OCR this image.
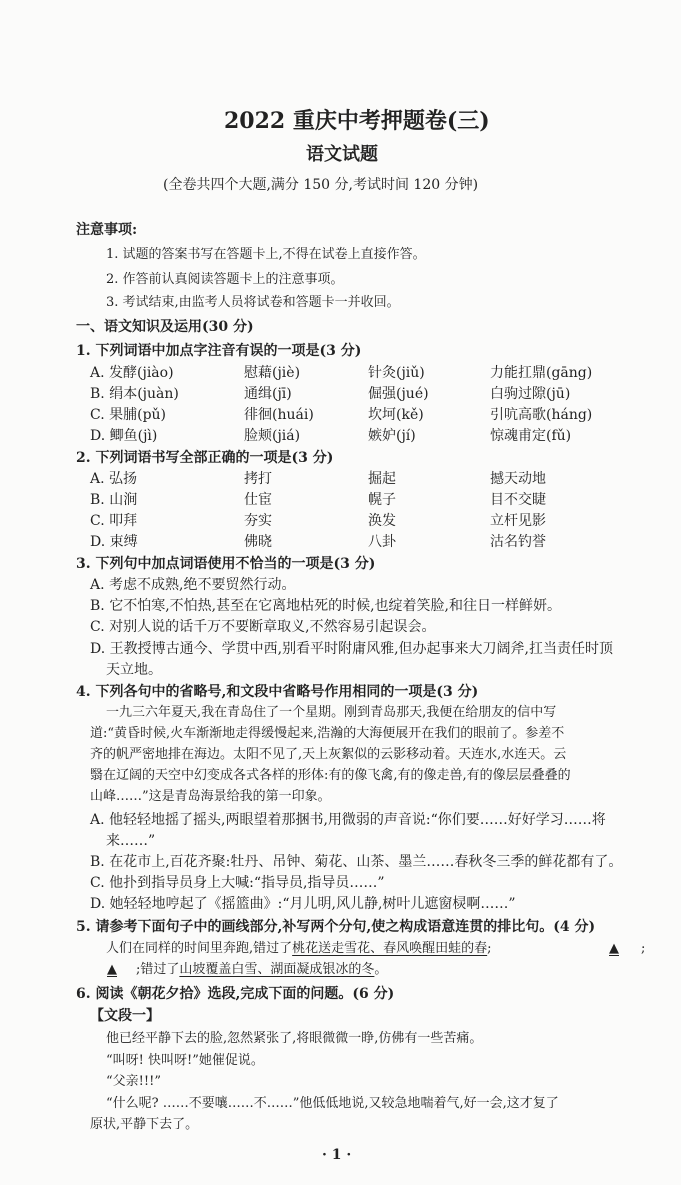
2022 重庆中考押题卷(三)
语文试题
(全卷共四个大题,满分 150 分,考试时间 120 分钟)
注意事项:
1. 试题的答案书写在答题卡上,不得在试卷上直接作答。
2. 作答前认真阅读答题卡上的注意事项。
3. 考试结束,由监考人员将试卷和答题卡一并收回。
一、语文知识及运用(30 分)
1. 下列词语中加点字注音有误的一项是(3 分)
A. 发酵(jiào)	慰藉(jiè)	针灸(jiǔ)	力能扛鼎(gāng)
B. 绢本(juàn)	通缉(jī)	倔强(jué)	白驹过隙(jū)
C. 果脯(pǔ)	徘徊(huái)	坎坷(kě)	引吭高歌(háng)
D. 鲫鱼(jì)	脸颊(jiá)	嫉妒(jí)	惊魂甫定(fǔ)
2. 下列词语书写全部正确的一项是(3 分)
A. 弘扬	拷打	掘起	撼天动地
B. 山涧	仕宦	幌子	目不交睫
C. 叩拜	夯实	涣发	立杆见影
D. 束缚	佛晓	八卦	沽名钓誉
3. 下列句中加点词语使用不恰当的一项是(3 分)
A. 考虑不成熟,绝不要贸然行动。
B. 它不怕寒,不怕热,甚至在它离地枯死的时候,也绽着笑脸,和往日一样鲜妍。
C. 对别人说的话千万不要断章取义,不然容易引起误会。
D. 王教授博古通今、学贯中西,别看平时附庸风雅,但办起事来大刀阔斧,扛当责任时顶
天立地。
4. 下列各句中的省略号,和文段中省略号作用相同的一项是(3 分)
一九三六年夏天,我在青岛住了一个星期。刚到青岛那天,我便在给朋友的信中写
道:“黄昏时候,火车渐渐地走得缓慢起来,浩瀚的大海便展开在我们的眼前了。参差不
齐的帆严密地排在海边。太阳不见了,天上灰絮似的云影移动着。天连水,水连天。云
翳在辽阔的天空中幻变成各式各样的形体:有的像飞禽,有的像走兽,有的像层层叠叠的
山峰……”这是青岛海景给我的第一印象。
A. 他轻轻地摇了摇头,两眼望着那捆书,用微弱的声音说:“你们要……好好学习……将
来……”
B. 在花市上,百花齐聚:牡丹、吊钟、菊花、山茶、墨兰……春秋冬三季的鲜花都有了。
C. 他扑到指导员身上大喊:“指导员,指导员……”
D. 她轻轻地哼起了《摇篮曲》:“月儿明,风儿静,树叶儿遮窗棂啊……”
5. 请参考下面句子中的画线部分,补写两个分句,使之构成语意连贯的排比句。(4 分)
人们在同样的时间里奔跑,错过了桃花送走雪花、春风唤醒田蛙的春;	▲	;
▲	;错过了山坡覆盖白雪、湖面凝成银冰的冬。
6. 阅读《朝花夕拾》选段,完成下面的问题。(6 分)
【文段一】
他已经平静下去的脸,忽然紧张了,将眼微微一睁,仿佛有一些苦痛。
“叫呀! 快叫呀!”她催促说。
“父亲!!!”
“什么呢? ……不要嚷……不……”他低低地说,又较急地喘着气,好一会,这才复了
原状,平静下去了。
· 1 ·
